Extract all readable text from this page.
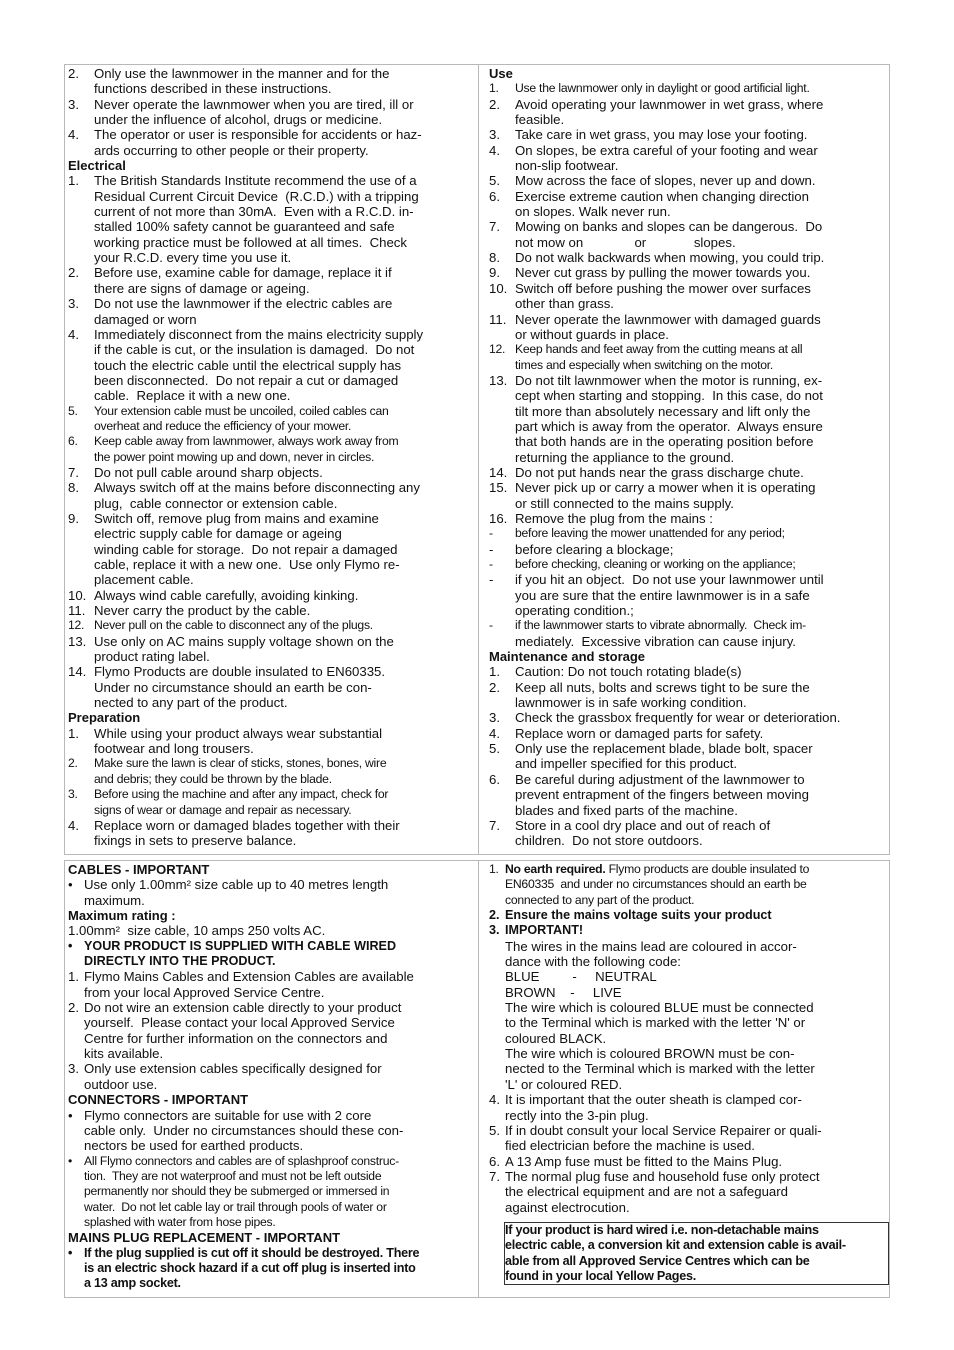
2. Only use the lawnmower in the manner and for the
functions described in these instructions.
3. Never operate the lawnmower when you are tired, ill or
under the influence of alcohol, drugs or medicine.
4. The operator or user is responsible for accidents or haz-
ards occurring to other people or their property.
Electrical
1. The British Standards Institute recommend the use of a
Residual Current Circuit Device  (R.C.D.) with a tripping
current of not more than 30mA.  Even with a R.C.D. in-
stalled 100% safety cannot be guaranteed and safe
working practice must be followed at all times.  Check
your R.C.D. every time you use it.
2. Before use, examine cable for damage, replace it if
there are signs of damage or ageing.
3. Do not use the lawnmower if the electric cables are
damaged or worn
4. Immediately disconnect from the mains electricity supply
if the cable is cut, or the insulation is damaged.  Do not
touch the electric cable until the electrical supply has
been disconnected.  Do not repair a cut or damaged
cable.  Replace it with a new one.
5. Your extension cable must be uncoiled, coiled cables can
overheat and reduce the efficiency of your mower.
6. Keep cable away from lawnmower, always work away from
the power point mowing up and down, never in circles.
7. Do not pull cable around sharp objects.
8. Always switch off at the mains before disconnecting any
plug,  cable connector or extension cable.
9. Switch off, remove plug from mains and examine
electric supply cable for damage or ageing
winding cable for storage.  Do not repair a damaged
cable, replace it with a new one.  Use only Flymo re-
placement cable.
10. Always wind cable carefully, avoiding kinking.
11. Never carry the product by the cable.
12. Never pull on the cable to disconnect any of the plugs.
13. Use only on AC mains supply voltage shown on the
product rating label.
14. Flymo Products are double insulated to EN60335.
Under no circumstance should an earth be con-
nected to any part of the product.
Preparation
1. While using your product always wear substantial
footwear and long trousers.
2. Make sure the lawn is clear of sticks, stones, bones, wire
and debris; they could be thrown by the blade.
3. Before using the machine and after any impact, check for
signs of wear or damage and repair as necessary.
4. Replace worn or damaged blades together with their
fixings in sets to preserve balance.
Use
1. Use the lawnmower only in daylight or good artificial light.
2. Avoid operating your lawnmower in wet grass, where
feasible.
3. Take care in wet grass, you may lose your footing.
4. On slopes, be extra careful of your footing and wear
non-slip footwear.
5. Mow across the face of slopes, never up and down.
6. Exercise extreme caution when changing direction
on slopes. Walk never run.
7. Mowing on banks and slopes can be dangerous.  Do
not mow on              or             slopes.
8. Do not walk backwards when mowing, you could trip.
9. Never cut grass by pulling the mower towards you.
10. Switch off before pushing the mower over surfaces
other than grass.
11. Never operate the lawnmower with damaged guards
or without guards in place.
12. Keep hands and feet away from the cutting means at all
times and especially when switching on the motor.
13. Do not tilt lawnmower when the motor is running, ex-
cept when starting and stopping.  In this case, do not
tilt more than absolutely necessary and lift only the
part which is away from the operator.  Always ensure
that both hands are in the operating position before
returning the appliance to the ground.
14. Do not put hands near the grass discharge chute.
15. Never pick up or carry a mower when it is operating
or still connected to the mains supply.
16. Remove the plug from the mains :
- before leaving the mower unattended for any period;
- before clearing a blockage;
- before checking, cleaning or working on the appliance;
- if you hit an object.  Do not use your lawnmower until
you are sure that the entire lawnmower is in a safe
operating condition.;
- if the lawnmower starts to vibrate abnormally.  Check im-
mediately.  Excessive vibration can cause injury.
Maintenance and storage
1. Caution: Do not touch rotating blade(s)
2. Keep all nuts, bolts and screws tight to be sure the
lawnmower is in safe working condition.
3. Check the grassbox frequently for wear or deterioration.
4. Replace worn or damaged parts for safety.
5. Only use the replacement blade, blade bolt, spacer
and impeller specified for this product.
6. Be careful during adjustment of the lawnmower to
prevent entrapment of the fingers between moving
blades and fixed parts of the machine.
7. Store in a cool dry place and out of reach of
children.  Do not store outdoors.
CABLES - IMPORTANT
• Use only 1.00mm² size cable up to 40 metres length
maximum.
Maximum rating :
1.00mm²  size cable, 10 amps 250 volts AC.
• YOUR PRODUCT IS SUPPLIED WITH CABLE WIRED
DIRECTLY INTO THE PRODUCT.
1. Flymo Mains Cables and Extension Cables are available
from your local Approved Service Centre.
2. Do not wire an extension cable directly to your product
yourself.  Please contact your local Approved Service
Centre for further information on the connectors and
kits available.
3. Only use extension cables specifically designed for
outdoor use.
CONNECTORS - IMPORTANT
• Flymo connectors are suitable for use with 2 core
cable only.  Under no circumstances should these con-
nectors be used for earthed products.
• All Flymo connectors and cables are of splashproof construc-
tion.  They are not waterproof and must not be left outside
permanently nor should they be submerged or immersed in
water.  Do not let cable lay or trail through pools of water or
splashed with water from hose pipes.
MAINS PLUG REPLACEMENT - IMPORTANT
• If the plug supplied is cut off it should be destroyed. There
is an electric shock hazard if a cut off plug is inserted into
a 13 amp socket.
1. No earth required. Flymo products are double insulated to
EN60335  and under no circumstances should an earth be
connected to any part of the product.
2. Ensure the mains voltage suits your product
3. IMPORTANT!
The wires in the mains lead are coloured in accor-
dance with the following code:
BLUE         -     NEUTRAL
BROWN    -     LIVE
The wire which is coloured BLUE must be connected
to the Terminal which is marked with the letter 'N' or
coloured BLACK.
The wire which is coloured BROWN must be con-
nected to the Terminal which is marked with the letter
'L' or coloured RED.
4. It is important that the outer sheath is clamped cor-
rectly into the 3-pin plug.
5. If in doubt consult your local Service Repairer or quali-
fied electrician before the machine is used.
6. A 13 Amp fuse must be fitted to the Mains Plug.
7. The normal plug fuse and household fuse only protect
the electrical equipment and are not a safeguard
against electrocution.
If your product is hard wired i.e. non-detachable mains
electric cable, a conversion kit and extension cable is avail-
able from all Approved Service Centres which can be
found in your local Yellow Pages.
